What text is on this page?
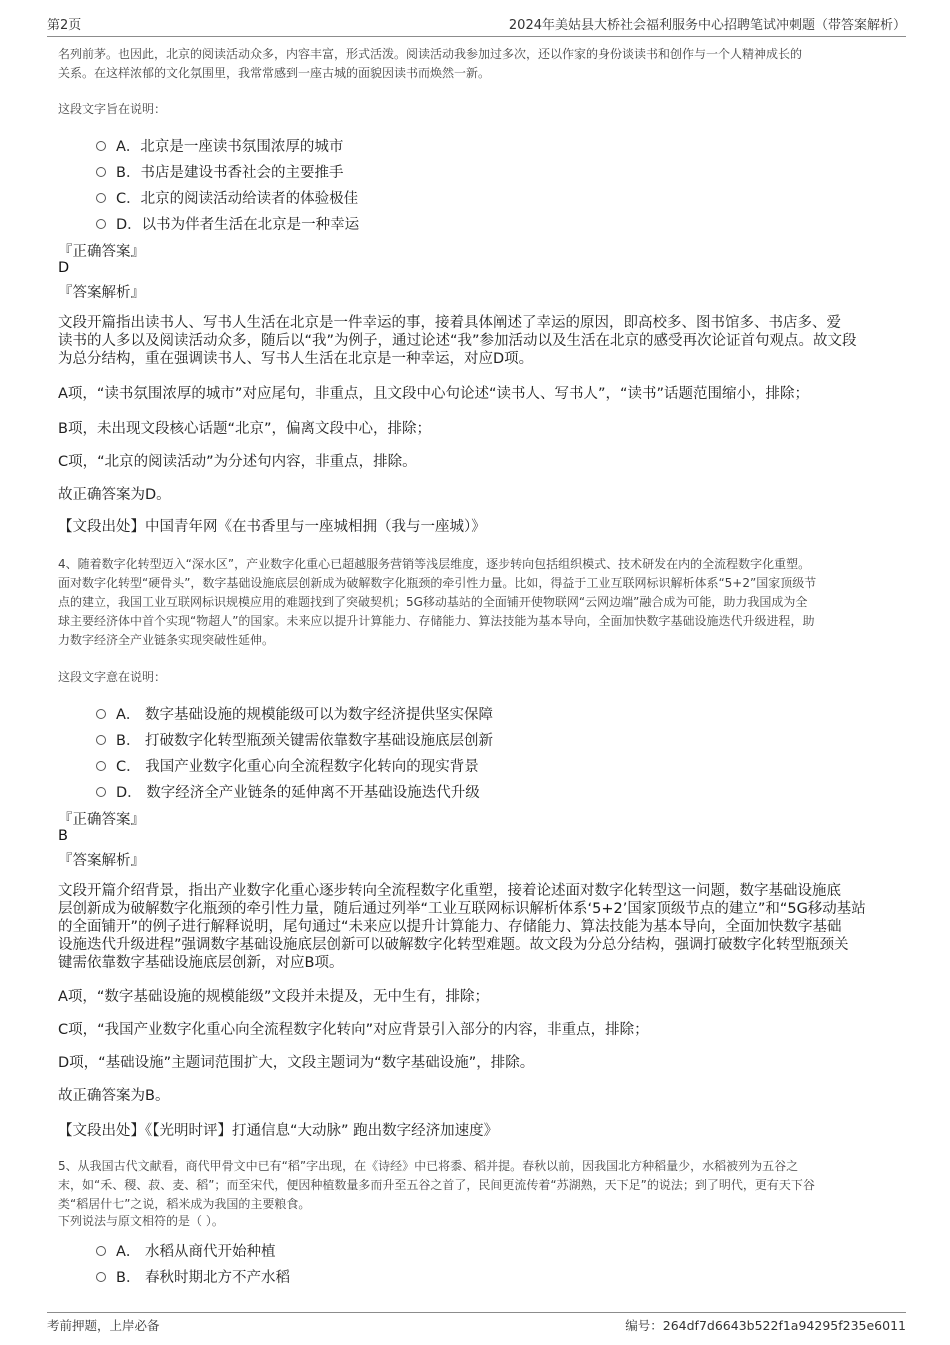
第2页	2024年美姑县大桥社会福利服务中心招聘笔试冲刺题（带答案解析）
名列前茅。也因此，北京的阅读活动众多，内容丰富，形式活泼。阅读活动我参加过多次，还以作家的身份谈读书和创作与一个人精神成长的
关系。在这样浓郁的文化氛围里，我常常感到一座古城的面貌因读书而焕然一新。
这段文字旨在说明：
A．北京是一座读书氛围浓厚的城市
B．书店是建设书香社会的主要推手
C．北京的阅读活动给读者的体验极佳
D．以书为伴者生活在北京是一种幸运
『正确答案』
D
『答案解析』
文段开篇指出读书人、写书人生活在北京是一件幸运的事，接着具体阐述了幸运的原因，即高校多、图书馆多、书店多、爱
读书的人多以及阅读活动众多，随后以“我”为例子，通过论述“我”参加活动以及生活在北京的感受再次论证首句观点。故文段
为总分结构，重在强调读书人、写书人生活在北京是一种幸运，对应D项。
A项，“读书氛围浓厚的城市”对应尾句，非重点，且文段中心句论述“读书人、写书人”，“读书”话题范围缩小，排除；
B项，未出现文段核心话题“北京”，偏离文段中心，排除；
C项，“北京的阅读活动”为分述句内容，非重点，排除。
故正确答案为D。
【文段出处】中国青年网《在书香里与一座城相拥（我与一座城）》
4、随着数字化转型迈入“深水区”，产业数字化重心已超越服务营销等浅层维度，逐步转向包括组织模式、技术研发在内的全流程数字化重塑。
面对数字化转型“硬骨头”，数字基础设施底层创新成为破解数字化瓶颈的牵引性力量。比如，得益于工业互联网标识解析体系“5+2”国家顶级节
点的建立，我国工业互联网标识规模应用的难题找到了突破契机；5G移动基站的全面铺开使物联网“云网边端”融合成为可能，助力我国成为全
球主要经济体中首个实现“物超人”的国家。未来应以提升计算能力、存储能力、算法技能为基本导向，全面加快数字基础设施迭代升级进程，助
力数字经济全产业链条实现突破性延伸。
这段文字意在说明：
A． 数字基础设施的规模能级可以为数字经济提供坚实保障
B． 打破数字化转型瓶颈关键需依靠数字基础设施底层创新
C． 我国产业数字化重心向全流程数字化转向的现实背景
D． 数字经济全产业链条的延伸离不开基础设施迭代升级
『正确答案』
B
『答案解析』
文段开篇介绍背景，指出产业数字化重心逐步转向全流程数字化重塑，接着论述面对数字化转型这一问题，数字基础设施底
层创新成为破解数字化瓶颈的牵引性力量，随后通过列举“工业互联网标识解析体系‘5+2’国家顶级节点的建立”和“5G移动基站
的全面铺开”的例子进行解释说明，尾句通过“未来应以提升计算能力、存储能力、算法技能为基本导向，全面加快数字基础
设施迭代升级进程”强调数字基础设施底层创新可以破解数字化转型难题。故文段为分总分结构，强调打破数字化转型瓶颈关
键需依靠数字基础设施底层创新，对应B项。
A项，“数字基础设施的规模能级”文段并未提及，无中生有，排除；
C项，“我国产业数字化重心向全流程数字化转向”对应背景引入部分的内容，非重点，排除；
D项，“基础设施”主题词范围扩大，文段主题词为“数字基础设施”，排除。
故正确答案为B。
【文段出处】《【光明时评】打通信息“大动脉” 跑出数字经济加速度》
5、从我国古代文献看，商代甲骨文中已有“稻”字出现，在《诗经》中已将黍、稻并提。春秋以前，因我国北方种稻量少，水稻被列为五谷之
末，如“禾、稷、菽、麦、稻”；而至宋代，便因种植数量多而升至五谷之首了，民间更流传着“苏湖熟，天下足”的说法；到了明代，更有天下谷
类“稻居什七”之说，稻米成为我国的主要粮食。
下列说法与原文相符的是（ ）。
A． 水稻从商代开始种植
B． 春秋时期北方不产水稻
考前押题，上岸必备	编号：264df7d6643b522f1a94295f235e6011
